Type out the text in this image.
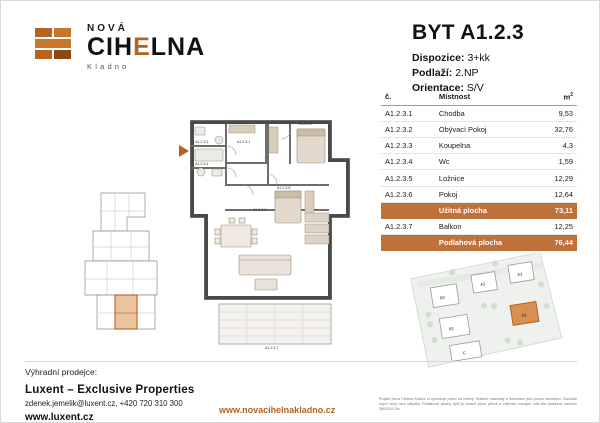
NOVÁ
CIHELNA
Kladno
BYT A1.2.3
Dispozice: 3+kk
Podlaží: 2.NP
Orientace: S/V
č.	Místnost	$m^2$
A1.2.3.1	Chodba	9,53
A1.2.3.2	Obývací Pokoj	32,76
A1.2.3.3	Koupelna	4,3
A1.2.3.4	Wc	1,59
A1.2.3.5	Ložnice	12,29
A1.2.3.6	Pokoj	12,64
	Užitná plocha	73,11
A1.2.3.7	Balkon	12,25
	Podlahová plocha	76,44
A1.2.3.1
A1.2.3.5
A1.2.3.3
A1.2.3.4
A1.2.3.6
A1.2.3.2
A1.2.3.7
B2
A2
A3
B1
A1
C
Výhradní prodejce:
Luxent – Exclusive Properties
zdenek.jemelik@luxent.cz, +420 720 310 300
www.luxent.cz
www.novacihelnakladno.cz
Projekt Nová Cihelna Kladno si vyhrazuje právo na změny. Veškeré materiály a informace jsou pouze orientační. Součástí kupní ceny není nábytek. Podlahové plochy bytů je včetně ploch příček a vnitřních nosných zdin dle obdržené nařízení 366/2013 Sb.
